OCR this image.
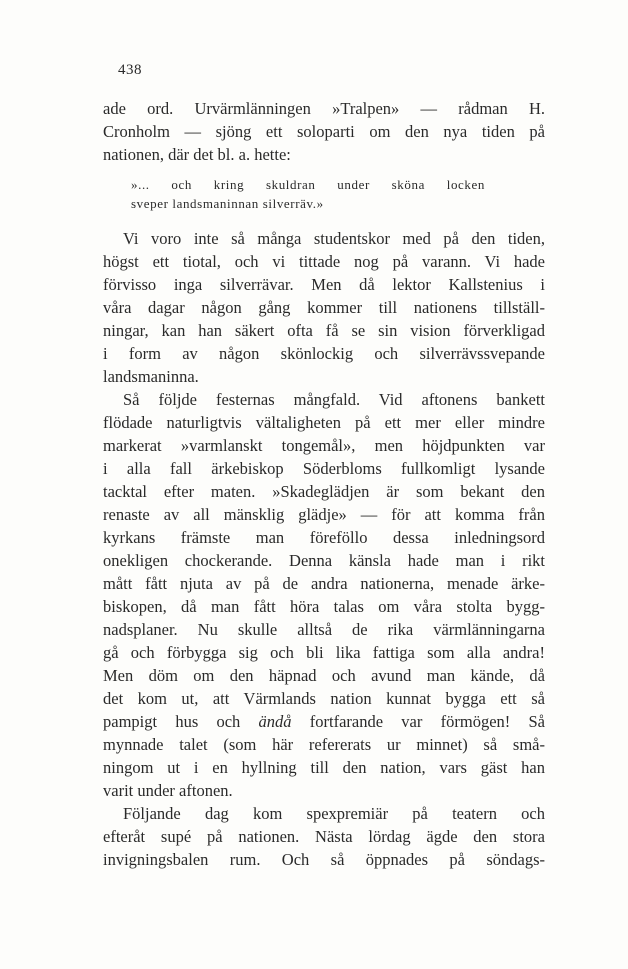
438
ade ord. Urvärmlänningen »Tralpen» — rådman H.
Cronholm — sjöng ett soloparti om den nya tiden på
nationen, där det bl. a. hette:
»... och kring skuldran under sköna locken
sveper landsmaninnan silverräv.»
Vi voro inte så många studentskor med på den tiden,
högst ett tiotal, och vi tittade nog på varann. Vi hade
förvisso inga silverrävar. Men då lektor Kallstenius i
våra dagar någon gång kommer till nationens tillställ-
ningar, kan han säkert ofta få se sin vision förverkligad
i form av någon skönlockig och silverrävssvepande
landsmaninna.
Så följde festernas mångfald. Vid aftonens bankett
flödade naturligtvis vältaligheten på ett mer eller mindre
markerat »varmlanskt tongemål», men höjdpunkten var
i alla fall ärkebiskop Söderbloms fullkomligt lysande
tacktal efter maten. »Skadeglädjen är som bekant den
renaste av all mänsklig glädje» — för att komma från
kyrkans främste man föreföllo dessa inledningsord
onekligen chockerande. Denna känsla hade man i rikt
mått fått njuta av på de andra nationerna, menade ärke-
biskopen, då man fått höra talas om våra stolta bygg-
nadsplaner. Nu skulle alltså de rika värmlänningarna
gå och förbygga sig och bli lika fattiga som alla andra!
Men döm om den häpnad och avund man kände, då
det kom ut, att Värmlands nation kunnat bygga ett så
pampigt hus och ändå fortfarande var förmögen! Så
mynnade talet (som här refererats ur minnet) så små-
ningom ut i en hyllning till den nation, vars gäst han
varit under aftonen.
Följande dag kom spexpremiär på teatern och
efteråt supé på nationen. Nästa lördag ägde den stora
invigningsbalen rum. Och så öppnades på söndags-
